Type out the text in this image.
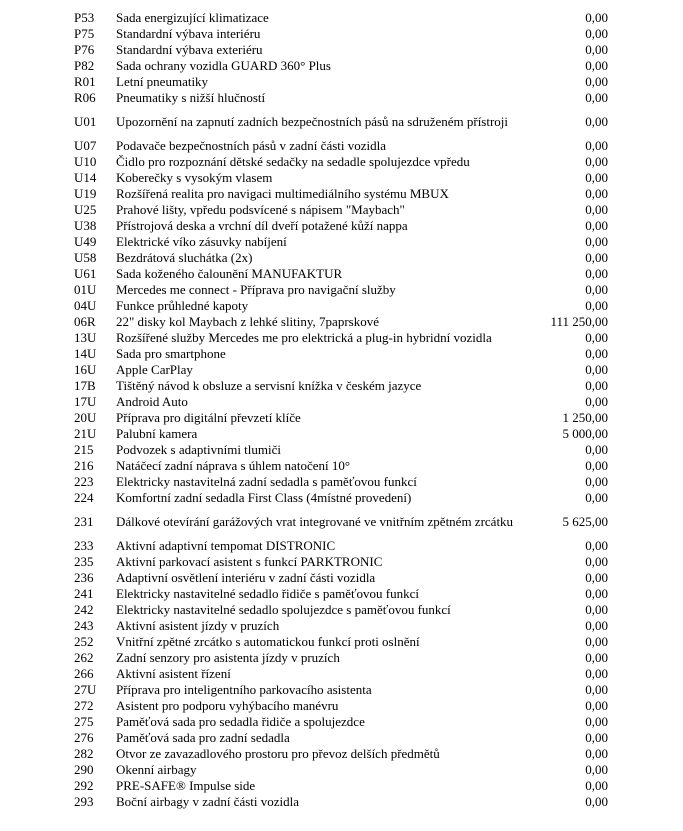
P53	Sada energizující klimatizace	0,00
P75	Standardní výbava interiéru	0,00
P76	Standardní výbava exteriéru	0,00
P82	Sada ochrany vozidla GUARD 360° Plus	0,00
R01	Letní pneumatiky	0,00
R06	Pneumatiky s nižší hlučností	0,00
U01	Upozornění na zapnutí zadních bezpečnostních pásů na sdruženém přístroji	0,00
U07	Podavače bezpečnostních pásů v zadní části vozidla	0,00
U10	Čidlo pro rozpoznání dětské sedačky na sedadle spolujezdce vpředu	0,00
U14	Koberečky s vysokým vlasem	0,00
U19	Rozšířená realita pro navigaci multimediálního systému MBUX	0,00
U25	Prahové lišty, vpředu podsvícené s nápisem "Maybach"	0,00
U38	Přístrojová deska a vrchní díl dveří potažené kůží nappa	0,00
U49	Elektrické víko zásuvky nabíjení	0,00
U58	Bezdrátová sluchátka (2x)	0,00
U61	Sada koženého čalounění MANUFAKTUR	0,00
01U	Mercedes me connect - Příprava pro navigační služby	0,00
04U	Funkce průhledné kapoty	0,00
06R	22" disky kol Maybach z lehké slitiny, 7paprskové	111 250,00
13U	Rozšířené služby Mercedes me pro elektrická a plug-in hybridní vozidla	0,00
14U	Sada pro smartphone	0,00
16U	Apple CarPlay	0,00
17B	Tištěný návod k obsluze a servisní knížka v českém jazyce	0,00
17U	Android Auto	0,00
20U	Příprava pro digitální převzetí klíče	1 250,00
21U	Palubní kamera	5 000,00
215	Podvozek s adaptivními tlumiči	0,00
216	Natáčecí zadní náprava s úhlem natočení 10°	0,00
223	Elektricky nastavitelná zadní sedadla s paměťovou funkcí	0,00
224	Komfortní zadní sedadla First Class (4místné provedení)	0,00
231	Dálkové otevírání garážových vrat integrované ve vnitřním zpětném zrcátku	5 625,00
233	Aktivní adaptivní tempomat DISTRONIC	0,00
235	Aktivní parkovací asistent s funkcí PARKTRONIC	0,00
236	Adaptivní osvětlení interiéru v zadní části vozidla	0,00
241	Elektricky nastavitelné sedadlo řidiče s paměťovou funkcí	0,00
242	Elektricky nastavitelné sedadlo spolujezdce s paměťovou funkcí	0,00
243	Aktivní asistent jízdy v pruzích	0,00
252	Vnitřní zpětné zrcátko s automatickou funkcí proti oslnění	0,00
262	Zadní senzory pro asistenta jízdy v pruzích	0,00
266	Aktivní asistent řízení	0,00
27U	Příprava pro inteligentního parkovacího asistenta	0,00
272	Asistent pro podporu vyhýbacího manévru	0,00
275	Paměťová sada pro sedadla řidiče a spolujezdce	0,00
276	Paměťová sada pro zadní sedadla	0,00
282	Otvor ze zavazadlového prostoru pro převoz delších předmětů	0,00
290	Okenní airbagy	0,00
292	PRE-SAFE® Impulse side	0,00
293	Boční airbagy v zadní části vozidla	0,00
